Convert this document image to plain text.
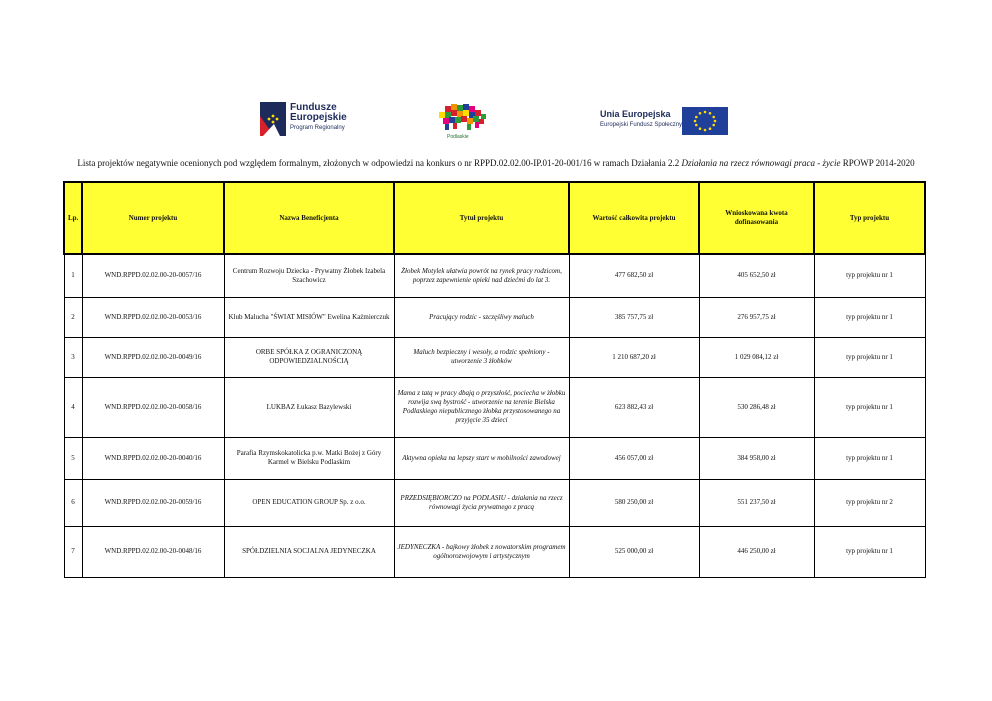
Fundusze
Europejskie
Program Regionalny
Podlaskie
Unia Europejska
Europejski Fundusz Społeczny
Lista projektów negatywnie ocenionych pod względem formalnym, złożonych w odpowiedzi na konkurs o nr RPPD.02.02.00-IP.01-20-001/16 w ramach Działania 2.2 Działania na rzecz równowagi praca - życie RPOWP 2014-2020
Lp.	Numer projektu	Nazwa Beneficjenta	Tytuł projektu	Wartość całkowita projektu	Wnioskowana kwota dofinasowania	Typ projektu
1	WND.RPPD.02.02.00-20-0057/16	Centrum Rozwoju Dziecka - Prywatny Żłobek Izabela Szachowicz	Żłobek Motylek ułatwia powrót na rynek pracy rodzicom, poprzez zapewnienie opieki nad dziećmi do lat 3.	477 682,50 zł	405 652,50 zł	typ projektu nr 1
2	WND.RPPD.02.02.00-20-0053/16	Klub Malucha "ŚWIAT MISIÓW" Ewelina Kaźmierczuk	Pracujący rodzic - szczęśliwy maluch	385 757,75 zł	276 957,75 zł	typ projektu nr 1
3	WND.RPPD.02.02.00-20-0049/16	ORBE SPÓŁKA Z OGRANICZONĄ ODPOWIEDZIALNOŚCIĄ	Maluch bezpieczny i wesoły, a rodzic spełniony - utworzenie 3 żłobków	1 210 687,20 zł	1 029 084,12 zł	typ projektu nr 1
4	WND.RPPD.02.02.00-20-0058/16	LUKBAZ Łukasz Bazylewski	Mama z tatą w pracy dbają o przyszłość, pociecha w żłobku rozwija swą bystrość - utworzenie na terenie Bielska Podlaskiego niepublicznego żłobka przystosowanego na przyjęcie 35 dzieci	623 882,43 zł	530 286,48 zł	typ projektu nr 1
5	WND.RPPD.02.02.00-20-0040/16	Parafia Rzymskokatolicka p.w. Matki Bożej z Góry Karmel w Bielsku Podlaskim	Aktywna opieka na lepszy start w mobilności zawodowej	456 057,00 zł	384 958,00 zł	typ projektu nr 1
6	WND.RPPD.02.02.00-20-0059/16	OPEN EDUCATION GROUP Sp. z o.o.	PRZEDSIĘBIORCZO na PODLASIU - działania na rzecz równowagi życia prywatnego z pracą	580 250,00 zł	551 237,50 zł	typ projektu nr 2
7	WND.RPPD.02.02.00-20-0048/16	SPÓŁDZIELNIA SOCJALNA JEDYNECZKA	JEDYNECZKA - bajkowy żłobek z nowatorskim programem ogólnorozwojowym i artystycznym	525 000,00 zł	446 250,00 zł	typ projektu nr 1
